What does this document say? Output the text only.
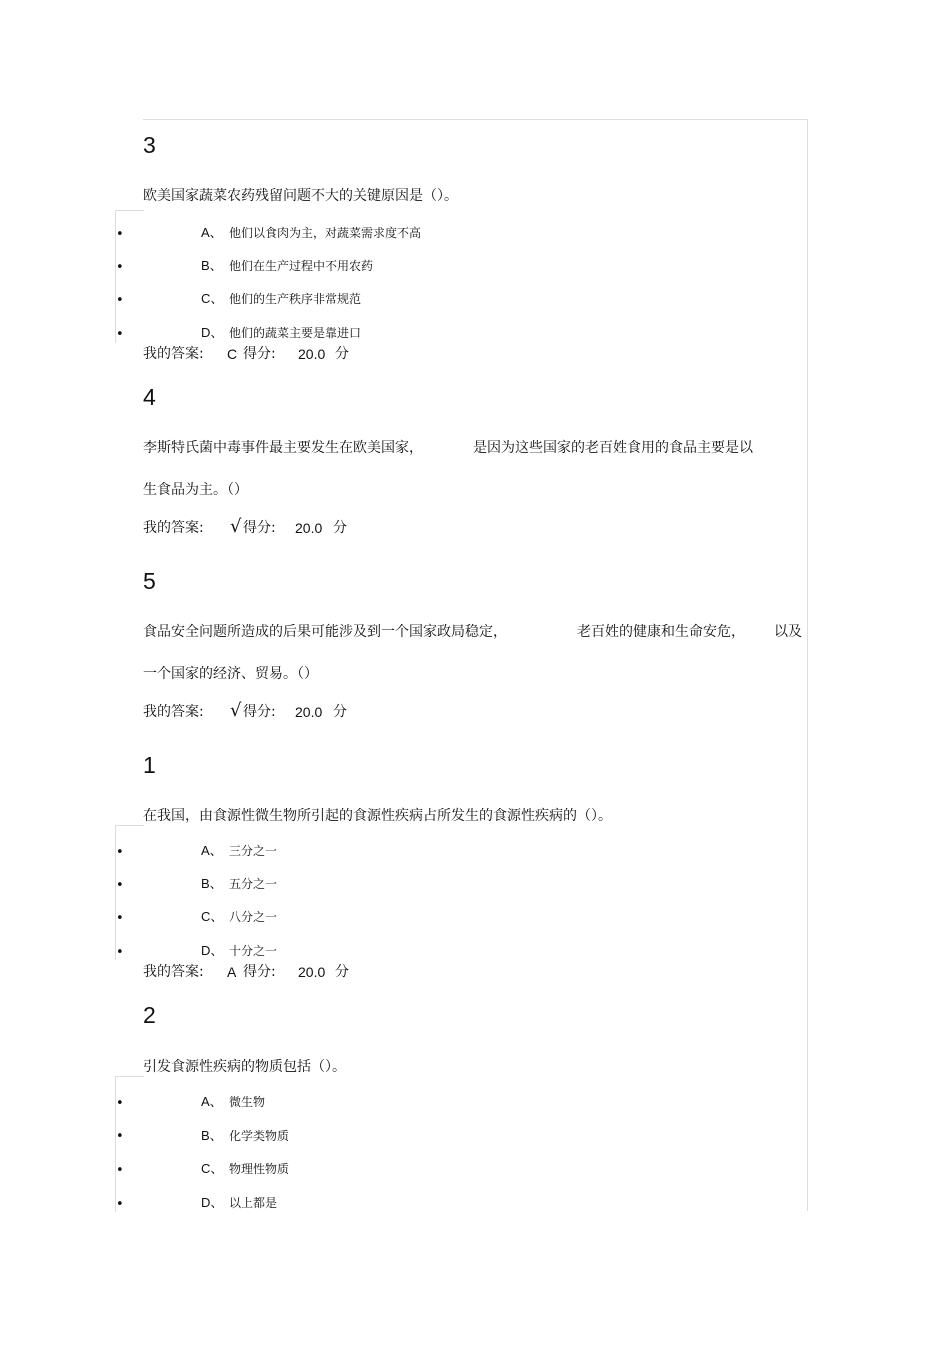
3
欧美国家蔬菜农药残留问题不大的关键原因是（）。
•	A、 他们以食肉为主，对蔬菜需求度不高
•	B、 他们在生产过程中不用农药
•	C、 他们的生产秩序非常规范
•	D、 他们的蔬菜主要是靠进口
我的答案: C 得分: 20.0 分
4
李斯特氏菌中毒事件最主要发生在欧美国家，	是因为这些国家的老百姓食用的食品主要是以
生食品为主。（）
我的答案: √ 得分: 20.0 分
5
食品安全问题所造成的后果可能涉及到一个国家政局稳定，	老百姓的健康和生命安危， 以及
一个国家的经济、贸易。（）
我的答案: √ 得分: 20.0 分
1
在我国，由食源性微生物所引起的食源性疾病占所发生的食源性疾病的（）。
•	A、 三分之一
•	B、 五分之一
•	C、 八分之一
•	D、 十分之一
我的答案: A 得分: 20.0 分
2
引发食源性疾病的物质包括（）。
•	A、 微生物
•	B、 化学类物质
•	C、 物理性物质
•	D、 以上都是
